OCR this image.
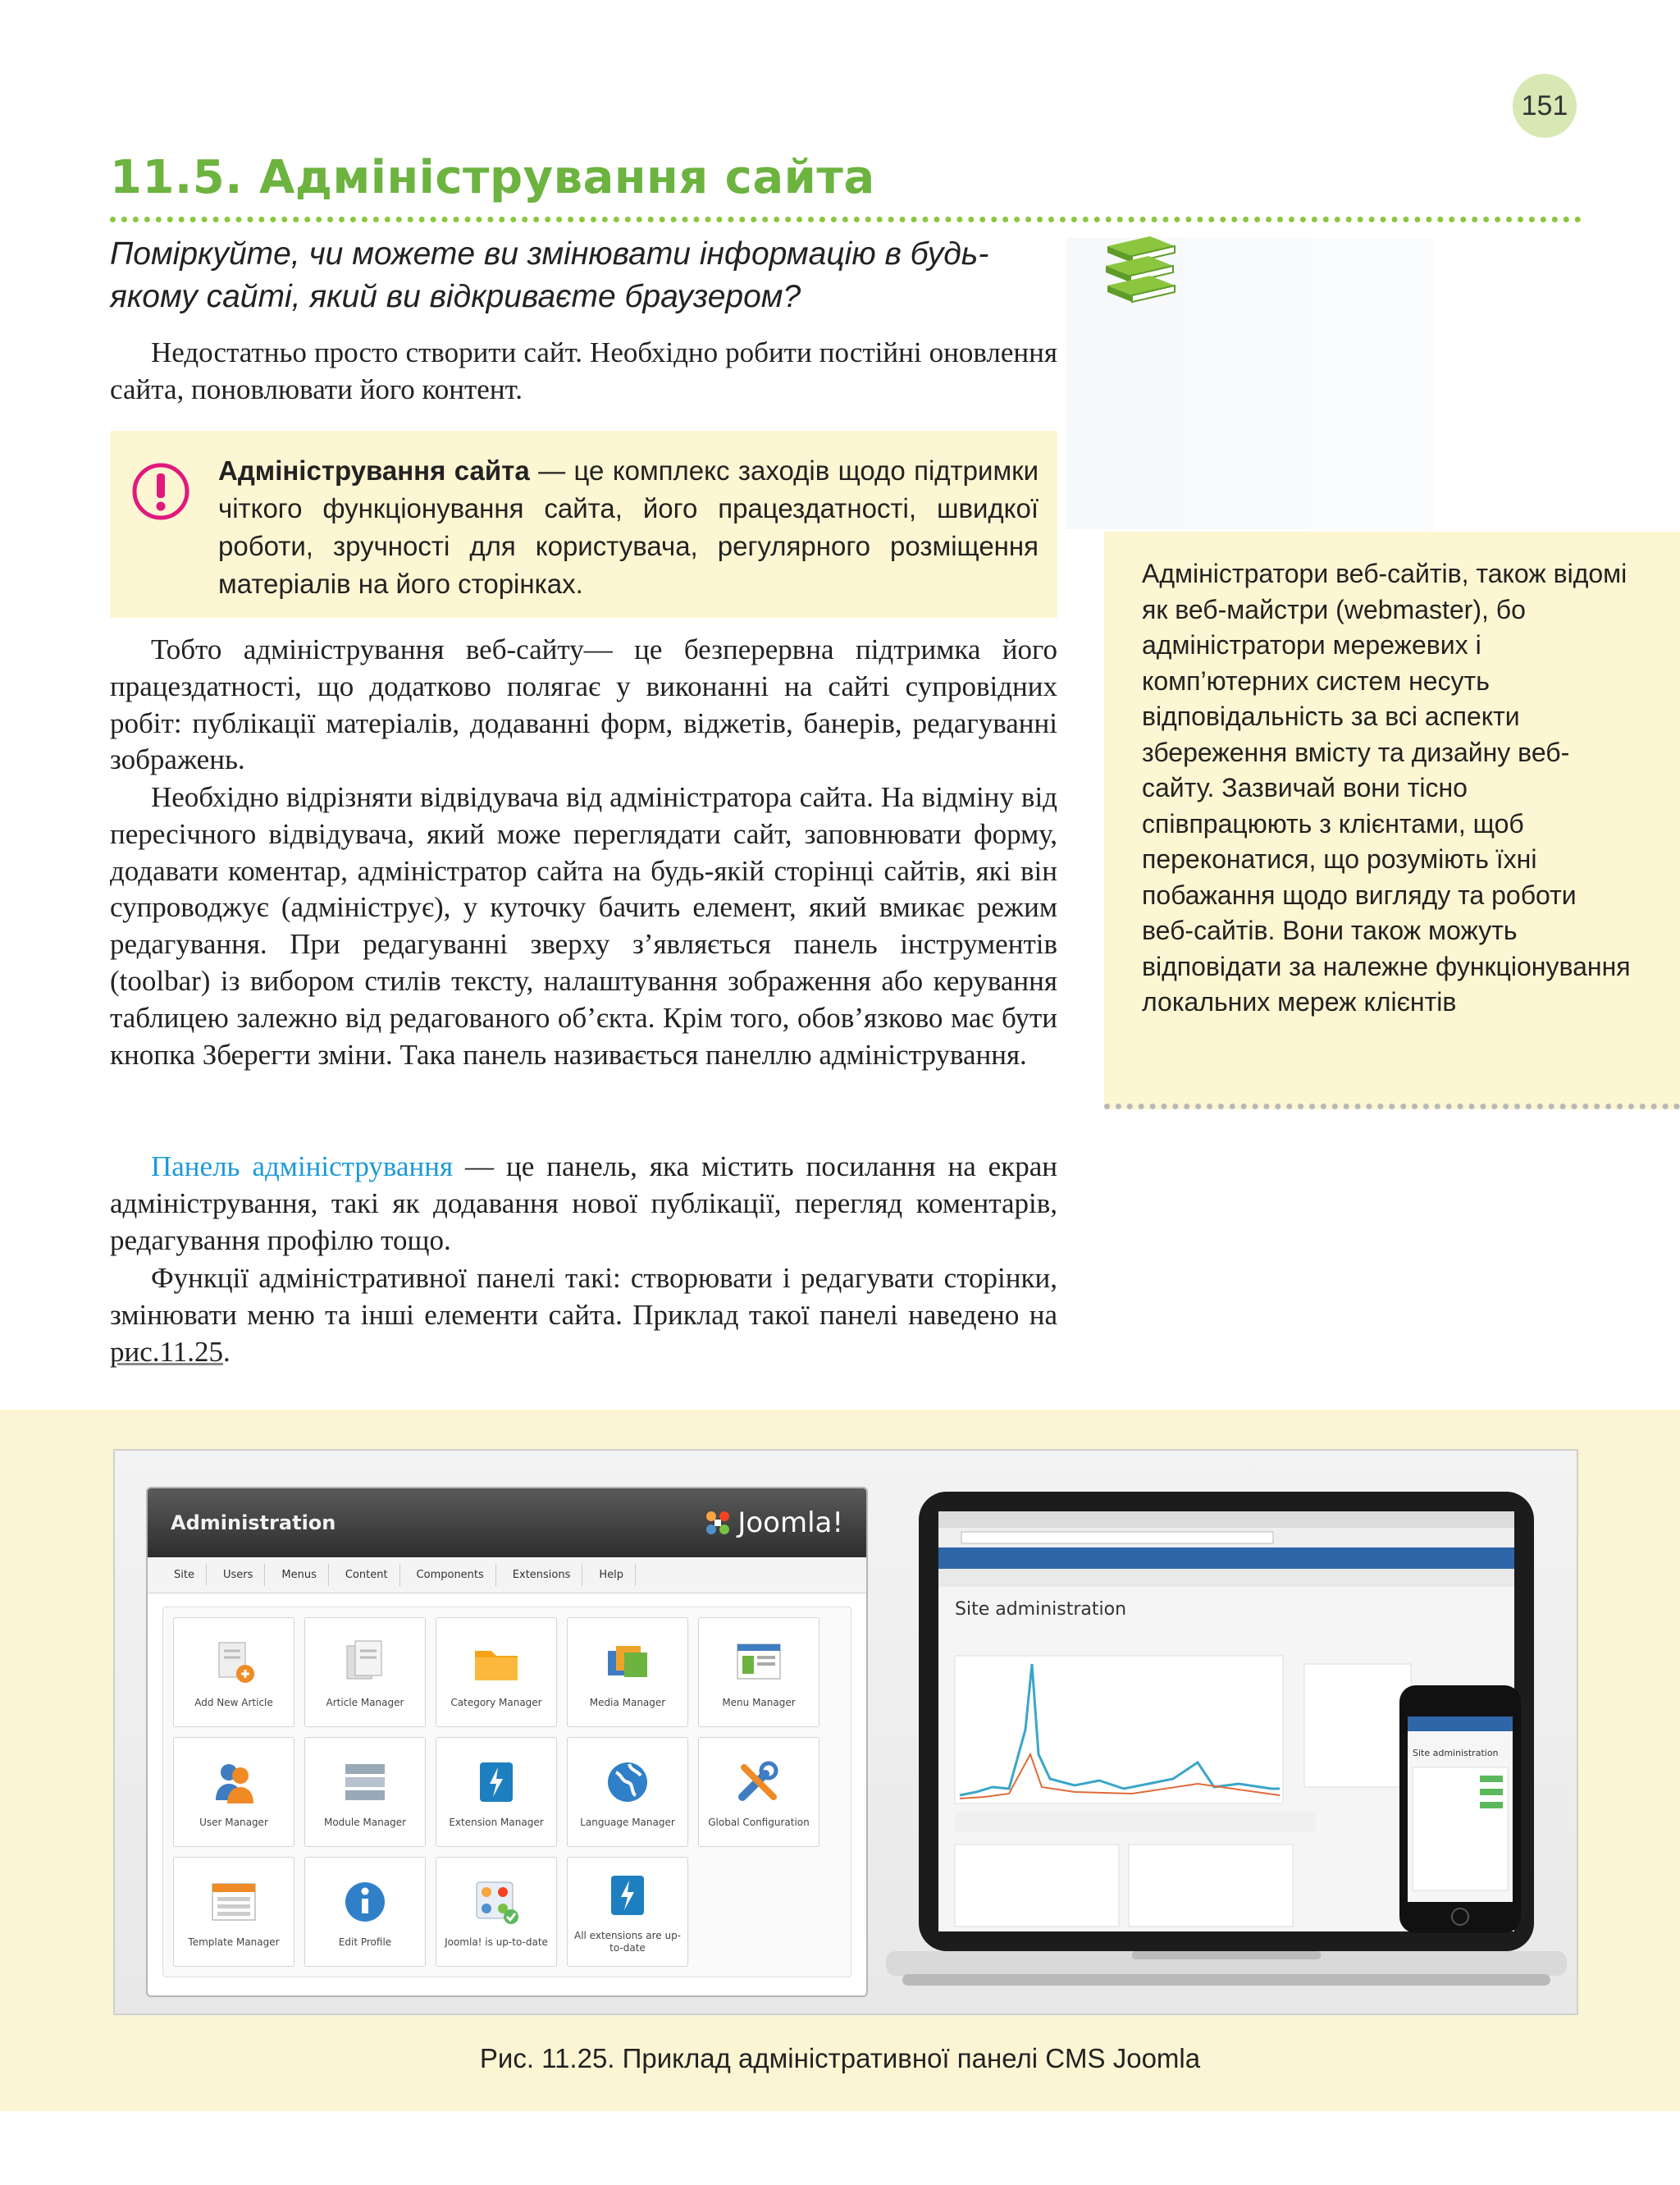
151
11.5. Адміністрування сайта
Поміркуйте, чи можете ви змінювати інформацію в будь-якому сайті, який ви відкриваєте браузером?
Недостатньо просто створити сайт. Необхідно робити постійні оновлення сайта, поновлювати його контент.
Адміністрування сайта — це комплекс заходів щодо підтримки чіткого функціонування сайта, його працездатності, швидкої роботи, зручності для користувача, регулярного розміщення матеріалів на його сторінках.
Тобто адміністрування веб-сайту— це безперервна підтримка його працездатності, що додатково полягає у виконанні на сайті супровідних робіт: публікації матеріалів, додаванні форм, віджетів, банерів, редагуванні зображень.
Необхідно відрізняти відвідувача від адміністратора сайта. На відміну від пересічного відвідувача, який може переглядати сайт, заповнювати форму, додавати коментар, адміністратор сайта на будь-якій сторінці сайтів, які він супроводжує (адмініструє), у куточку бачить елемент, який вмикає режим редагування. При редагуванні зверху з’являється панель інструментів (toolbar) із вибором стилів тексту, налаштування зображення або керування таблицею залежно від редагованого об’єкта. Крім того, обов’язково має бути кнопка Зберегти зміни. Така панель називається панеллю адміністрування.
Панель адміністрування — це панель, яка містить посилання на екран адміністрування, такі як додавання нової публікації, перегляд коментарів, редагування профілю тощо.
Функції адміністративної панелі такі: створювати і редагувати сторінки, змінювати меню та інші елементи сайта. Приклад такої панелі наведено на рис.11.25.
Адміністратори веб-сайтів, також відомі як веб-майстри (webmaster), бо адміністратори мережевих і комп’ютерних систем несуть відповідальність за всі аспекти збереження вмісту та дизайну веб-сайту. Зазвичай вони тісно співпрацюють з клієнтами, щоб переконатися, що розуміють їхні побажання щодо вигляду та роботи веб-сайтів. Вони також можуть відповідати за належне функціонування локальних мереж клієнтів
Administration	Joomla!
Site	Users	Menus	Content	Components	Extensions	Help
Add New Article	Article Manager	Category Manager	Media Manager	Menu Manager
User Manager	Module Manager	Extension Manager	Language Manager	Global Configuration
Template Manager	Edit Profile	Joomla! is up-to-date
All extensions are up-to-date
Site administration
Site administration
Рис. 11.25. Приклад адміністративної панелі CMS Joomla
